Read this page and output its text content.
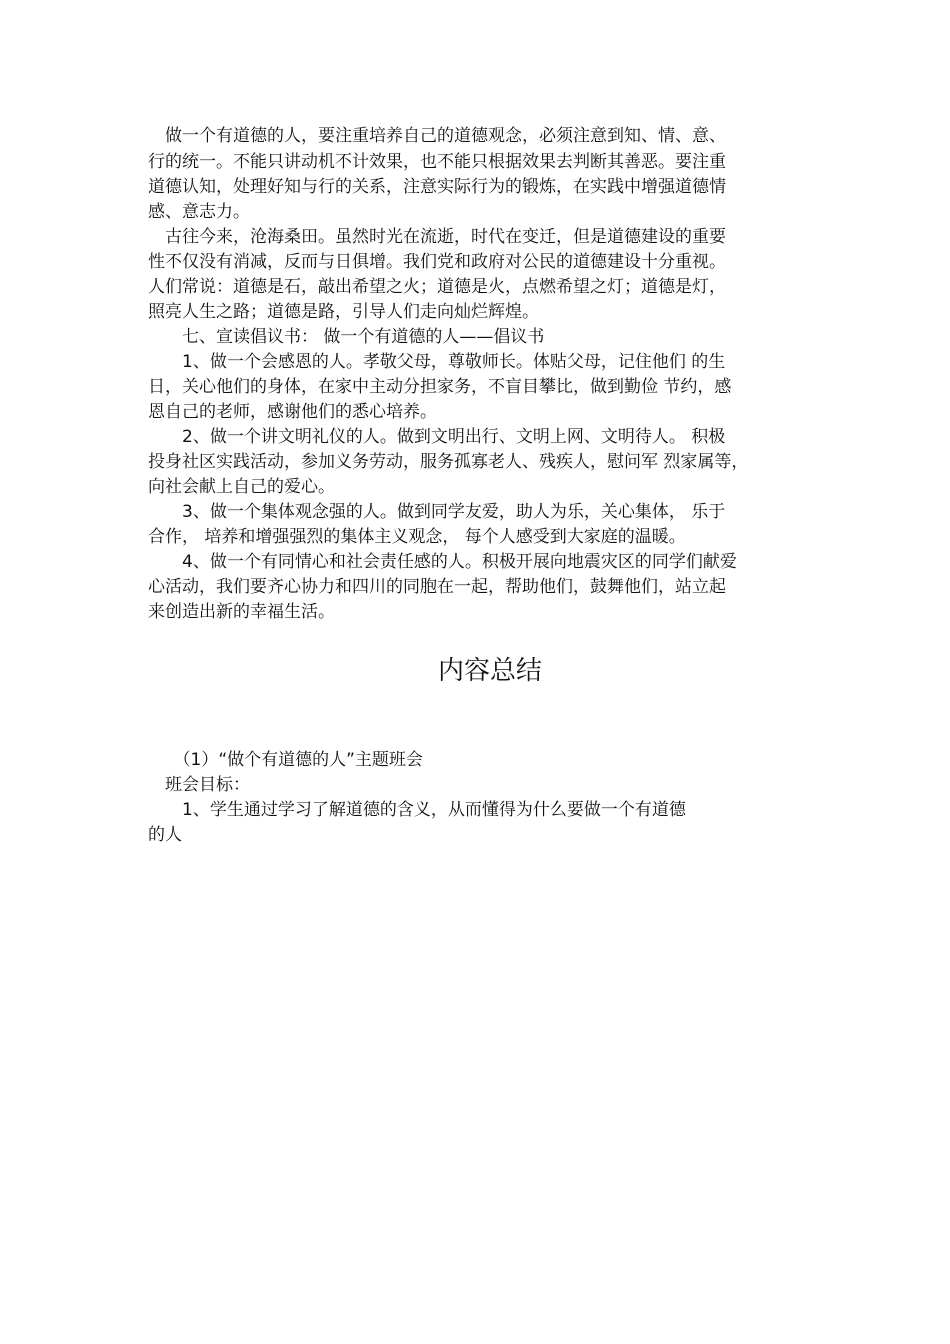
　做一个有道德的人，要注重培养自己的道德观念，必须注意到知、情、意、
行的统一。不能只讲动机不计效果，也不能只根据效果去判断其善恶。要注重
道德认知，处理好知与行的关系，注意实际行为的锻炼，在实践中增强道德情
感、意志力。
　古往今来，沧海桑田。虽然时光在流逝，时代在变迁，但是道德建设的重要
性不仅没有消减，反而与日俱增。我们党和政府对公民的道德建设十分重视。
人们常说：道德是石，敲出希望之火；道德是火，点燃希望之灯；道德是灯，
照亮人生之路；道德是路，引导人们走向灿烂辉煌。
　　七、宣读倡议书： 做一个有道德的人——倡议书
　　1、做一个会感恩的人。孝敬父母，尊敬师长。体贴父母，记住他们 的生
日，关心他们的身体，在家中主动分担家务，不盲目攀比，做到勤俭 节约，感
恩自己的老师，感谢他们的悉心培养。
　　2、做一个讲文明礼仪的人。做到文明出行、文明上网、文明待人。 积极
投身社区实践活动，参加义务劳动，服务孤寡老人、残疾人，慰问军 烈家属等，
向社会献上自己的爱心。
　　3、做一个集体观念强的人。做到同学友爱，助人为乐，关心集体， 乐于
合作， 培养和增强强烈的集体主义观念， 每个人感受到大家庭的温暖。
　　4、做一个有同情心和社会责任感的人。积极开展向地震灾区的同学们献爱
心活动，我们要齐心协力和四川的同胞在一起，帮助他们，鼓舞他们，站立起
来创造出新的幸福生活。
内容总结
　　（1）“做个有道德的人”主题班会
　班会目标：
　　1、学生通过学习了解道德的含义，从而懂得为什么要做一个有道德
的人
